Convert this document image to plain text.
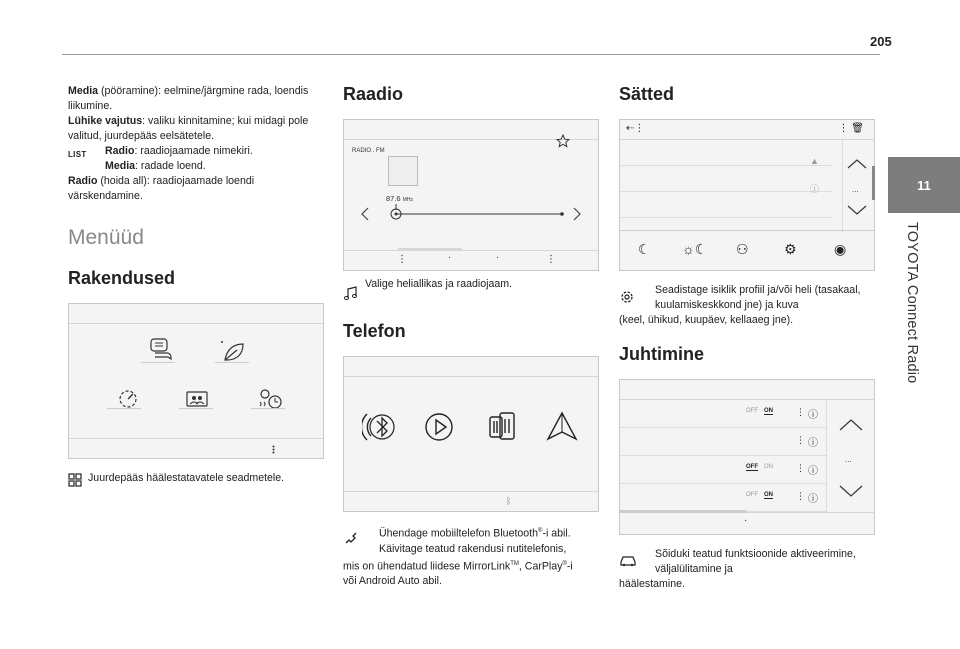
205
11
TOYOTA Connect Radio
Media (pööramine): eelmine/järgmine rada, loendis liikumine.
Lühike vajutus: valiku kinnitamine; kui midagi pole valitud, juurdepääs eelsätetele.
LIST	Radio: raadiojaamade nimekiri.
Media: radade loend.
Radio (hoida all): raadiojaamade loendi värskendamine.
Menüüd
Rakendused
Juurdepääs häälestatavatele seadmetele.
Raadio
RADIO . FM
87.6 MHz
⋮	·	·	⋮
Valige heliallikas ja raadiojaam.
Telefon
ᛒ
Ühendage mobiiltelefon Bluetooth®-i abil.
Käivitage teatud rakendusi nutitelefonis,
mis on ühendatud liidese MirrorLink™, CarPlay®-i
või Android Auto abil.
Sätted
⇠⋮	⋮ 🗑
▲
ⓘ	...
☾ ☼☾ ⚇	⚙	◉
Seadistage isiklik profiil ja/või heli (tasakaal, kuulamiskeskkond jne) ja kuva
(keel, ühikud, kuupäev, kellaaeg jne).
Juhtimine
OFF ON	⋮ ⓘ
⋮ ⓘ
OFF ON	⋮ ⓘ
OFF ON	⋮ ⓘ
...
·
Sõiduki teatud funktsioonide aktiveerimine, väljalülitamine ja
häälestamine.
